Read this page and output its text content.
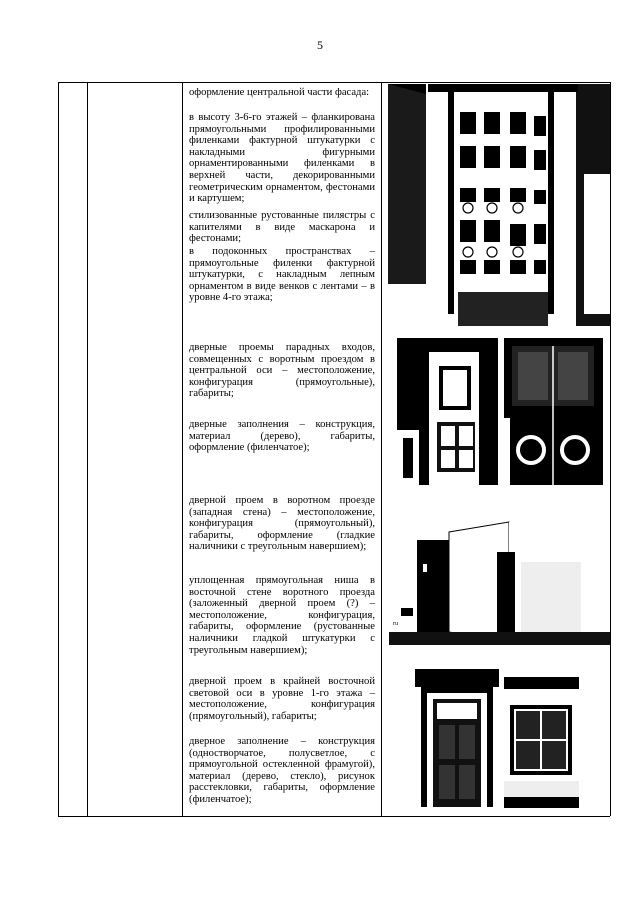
5

оформление центральной части фасада:

в высоту 3-6-го этажей – фланкирована прямоугольными профилированными филенками фактурной штукатурки с накладными фигурными орнаментированными филенками в верхней части, декорированными геометрическим орнаментом, фестонами и картушем;

стилизованные рустованные пилястры с капителями в виде маскарона и фестонами;

в подоконных пространствах – прямоугольные филенки фактурной штукатурки, с накладным лепным орнаментом в виде венков с лентами – в уровне 4-го этажа;

дверные проемы парадных входов, совмещенных с воротным проездом в центральной оси – местоположение, конфигурация (прямоугольные), габариты;

дверные заполнения – конструкция, материал (дерево), габариты, оформление (филенчатое);

дверной проем в воротном проезде (западная стена) – местоположение, конфигурация (прямоугольный), габариты, оформление (гладкие наличники с треугольным навершием);

уплощенная прямоугольная ниша в восточной стене воротного проезда (заложенный дверной проем (?) – местоположение, конфигурация, габариты, оформление (рустованные наличники гладкой штукатурки с треугольным навершием);

дверной проем в крайней восточной световой оси в уровне 1-го этажа – местоположение, конфигурация (прямоугольный), габариты;

дверное заполнение – конструкция (одностворчатое, полусветлое, с прямоугольной остекленной фрамугой), материал (дерево, стекло), рисунок расстекловки, габариты, оформление (филенчатое);

ru
